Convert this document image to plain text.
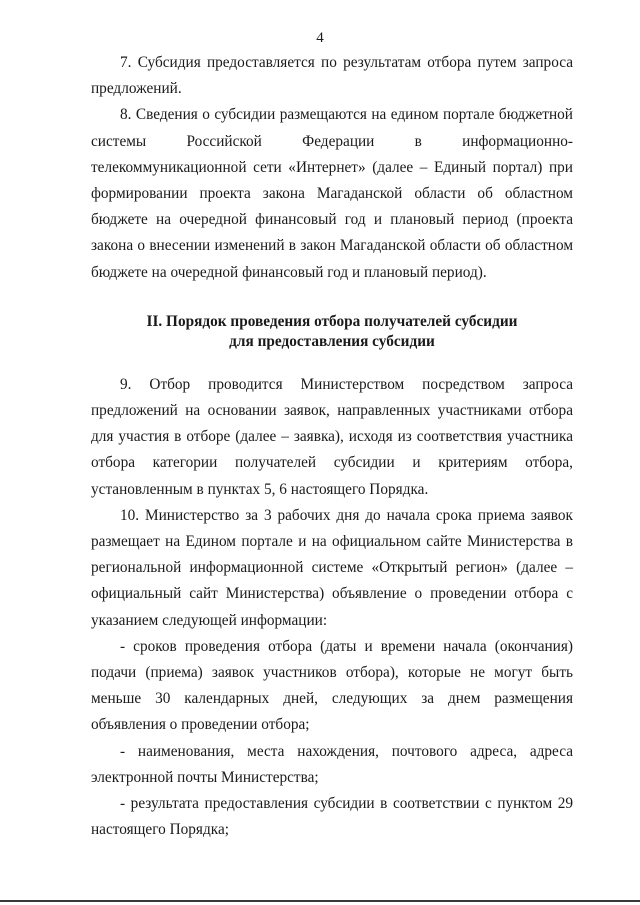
4

7. Субсидия предоставляется по результатам отбора путем запроса предложений.

8. Сведения о субсидии размещаются на едином портале бюджетной системы Российской Федерации в информационно-телекоммуникационной сети «Интернет» (далее – Единый портал) при формировании проекта закона Магаданской области об областном бюджете на очередной финансовый год и плановый период (проекта закона о внесении изменений в закон Магаданской области об областном бюджете на очередной финансовый год и плановый период).

II. Порядок проведения отбора получателей субсидии
для предоставления субсидии

9. Отбор проводится Министерством посредством запроса предложений на основании заявок, направленных участниками отбора для участия в отборе (далее – заявка), исходя из соответствия участника отбора категории получателей субсидии и критериям отбора, установленным в пунктах 5, 6 настоящего Порядка.

10. Министерство за 3 рабочих дня до начала срока приема заявок размещает на Едином портале и на официальном сайте Министерства в региональной информационной системе «Открытый регион» (далее – официальный сайт Министерства) объявление о проведении отбора с указанием следующей информации:

- сроков проведения отбора (даты и времени начала (окончания) подачи (приема) заявок участников отбора), которые не могут быть меньше 30 календарных дней, следующих за днем размещения объявления о проведении отбора;

- наименования, места нахождения, почтового адреса, адреса электронной почты Министерства;

- результата предоставления субсидии в соответствии с пунктом 29 настоящего Порядка;
